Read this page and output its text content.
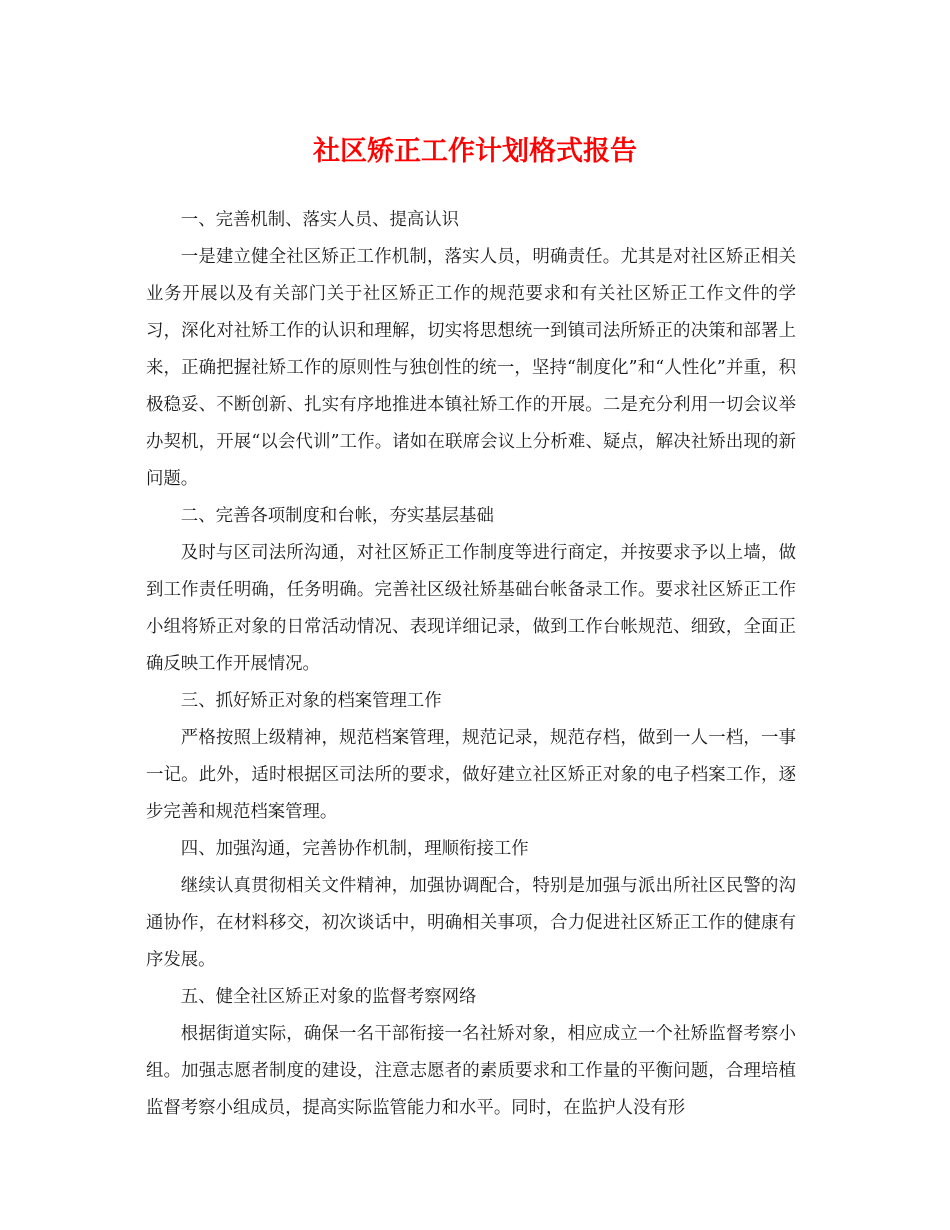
社区矫正工作计划格式报告

一、完善机制、落实人员、提高认识

一是建立健全社区矫正工作机制，落实人员，明确责任。尤其是对社区矫正相关业务开展以及有关部门关于社区矫正工作的规范要求和有关社区矫正工作文件的学习，深化对社矫工作的认识和理解，切实将思想统一到镇司法所矫正的决策和部署上来，正确把握社矫工作的原则性与独创性的统一，坚持“制度化”和“人性化”并重，积极稳妥、不断创新、扎实有序地推进本镇社矫工作的开展。二是充分利用一切会议举办契机，开展“以会代训”工作。诸如在联席会议上分析难、疑点，解决社矫出现的新问题。

二、完善各项制度和台帐，夯实基层基础

及时与区司法所沟通，对社区矫正工作制度等进行商定，并按要求予以上墙，做到工作责任明确，任务明确。完善社区级社矫基础台帐备录工作。要求社区矫正工作小组将矫正对象的日常活动情况、表现详细记录，做到工作台帐规范、细致，全面正确反映工作开展情况。

三、抓好矫正对象的档案管理工作

严格按照上级精神，规范档案管理，规范记录，规范存档，做到一人一档，一事一记。此外，适时根据区司法所的要求，做好建立社区矫正对象的电子档案工作，逐步完善和规范档案管理。

四、加强沟通，完善协作机制，理顺衔接工作

继续认真贯彻相关文件精神，加强协调配合，特别是加强与派出所社区民警的沟通协作，在材料移交，初次谈话中，明确相关事项，合力促进社区矫正工作的健康有序发展。

五、健全社区矫正对象的监督考察网络

根据街道实际，确保一名干部衔接一名社矫对象，相应成立一个社矫监督考察小组。加强志愿者制度的建设，注意志愿者的素质要求和工作量的平衡问题，合理培植监督考察小组成员，提高实际监管能力和水平。同时，在监护人没有形
